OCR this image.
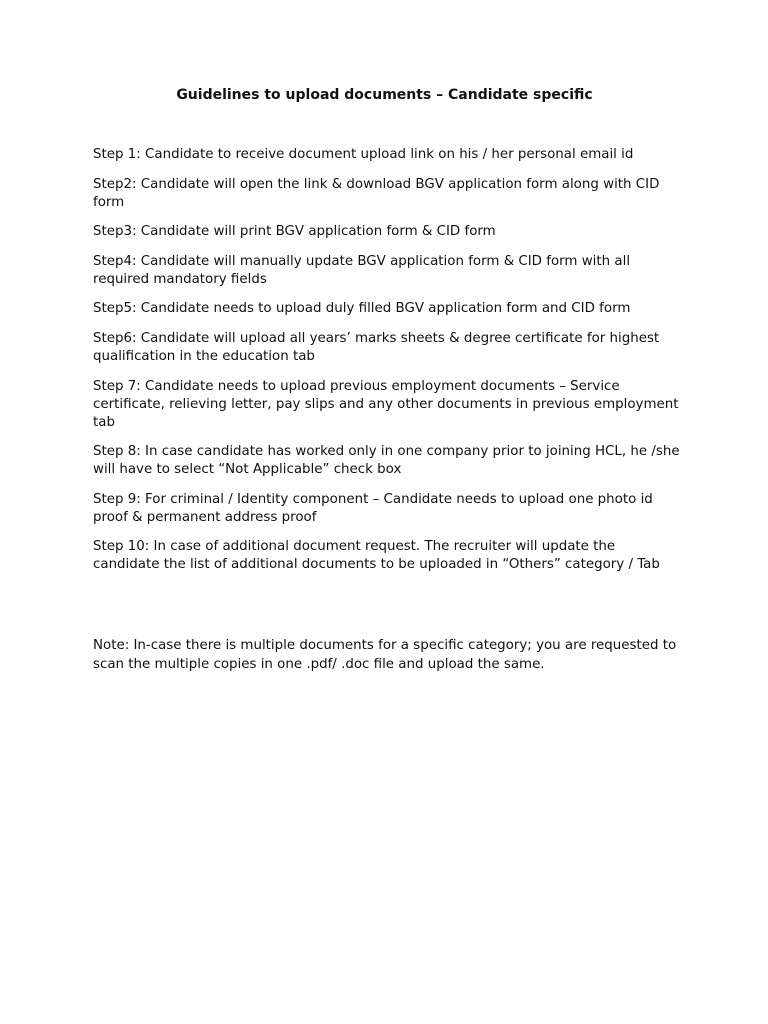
Guidelines to upload documents – Candidate specific
Step 1: Candidate to receive document upload link on his / her personal email id
Step2: Candidate will open the link & download BGV application form along with CID form
Step3: Candidate will print BGV application form & CID form
Step4: Candidate will manually update BGV application form & CID form with all required mandatory fields
Step5: Candidate needs to upload duly filled BGV application form and CID form
Step6: Candidate will upload all years’ marks sheets & degree certificate for highest qualification in the education tab
Step 7: Candidate needs to upload previous employment documents – Service certificate, relieving letter, pay slips and any other documents in previous employment tab
Step 8: In case candidate has worked only in one company prior to joining HCL, he /she will have to select “Not Applicable” check box
Step 9: For criminal / Identity component – Candidate needs to upload one photo id proof & permanent address proof
Step 10: In case of additional document request. The recruiter will update the candidate the list of additional documents to be uploaded in “Others” category / Tab

Note: In-case there is multiple documents for a specific category; you are requested to scan the multiple copies in one .pdf/ .doc file and upload the same.
